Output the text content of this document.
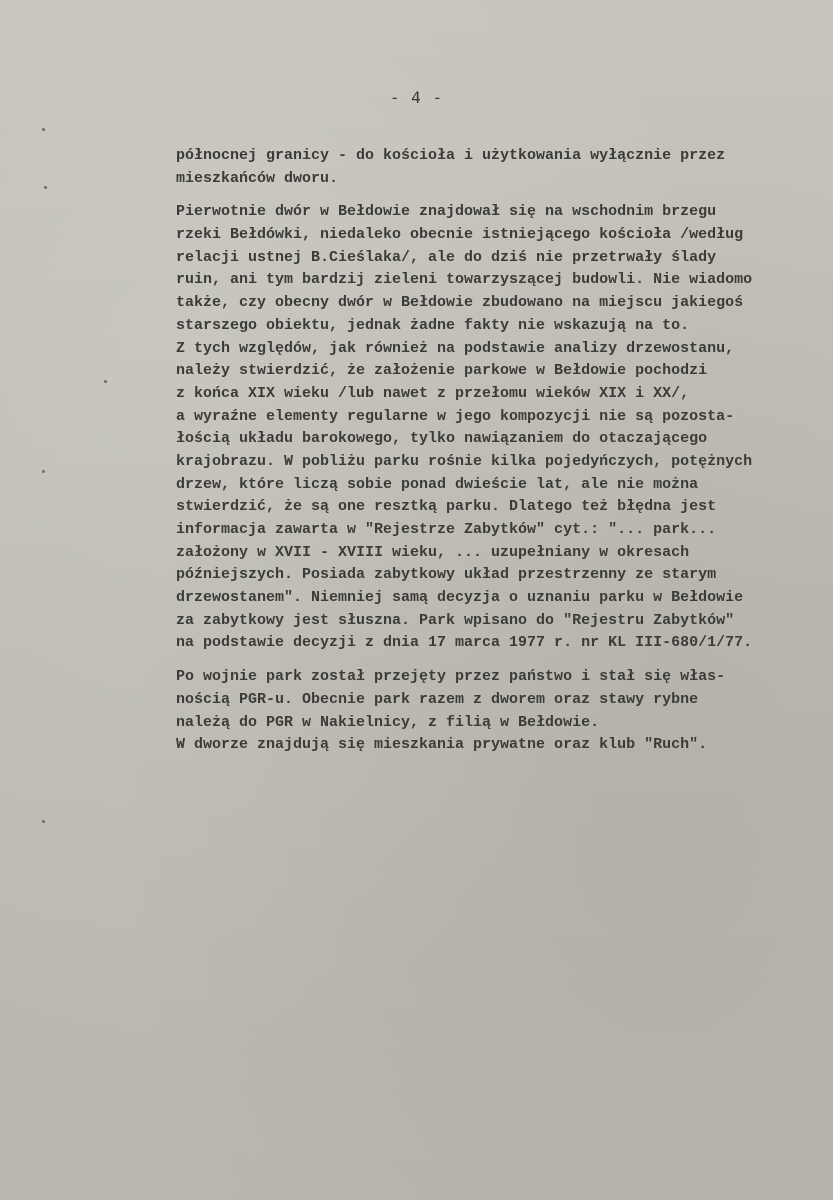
- 4 -
północnej granicy - do kościoła i użytkowania wyłącznie przez
mieszkańców dworu.
Pierwotnie dwór w Bełdowie znajdował się na wschodnim brzegu
rzeki Bełdówki, niedaleko obecnie istniejącego kościoła /według
relacji ustnej B.Cieślaka/, ale do dziś nie przetrwały ślady
ruin, ani tym bardzij zieleni towarzyszącej budowli. Nie wiadomo
także, czy obecny dwór w Bełdowie zbudowano na miejscu jakiegoś
starszego obiektu, jednak żadne fakty nie wskazują na to.
Z tych względów, jak również na podstawie analizy drzewostanu,
należy stwierdzić, że założenie parkowe w Bełdowie pochodzi
z końca XIX wieku /lub nawet z przełomu wieków XIX i XX/,
a wyraźne elementy regularne w jego kompozycji nie są pozosta-
łością układu barokowego, tylko nawiązaniem do otaczającego
krajobrazu. W pobliżu parku rośnie kilka pojedyńczych, potężnych
drzew, które liczą sobie ponad dwieście lat, ale nie można
stwierdzić, że są one resztką parku. Dlatego też błędna jest
informacja zawarta w "Rejestrze Zabytków" cyt.: "... park...
założony w XVII - XVIII wieku, ... uzupełniany w okresach
późniejszych. Posiada zabytkowy układ przestrzenny ze starym
drzewostanem". Niemniej samą decyzja o uznaniu parku w Bełdowie
za zabytkowy jest słuszna. Park wpisano do "Rejestru Zabytków"
na podstawie decyzji z dnia 17 marca 1977 r. nr KL III-680/1/77.
Po wojnie park został przejęty przez państwo i stał się włas-
nością PGR-u. Obecnie park razem z dworem oraz stawy rybne
należą do PGR w Nakielnicy, z filią w Bełdowie.
W dworze znajdują się mieszkania prywatne oraz klub "Ruch".
